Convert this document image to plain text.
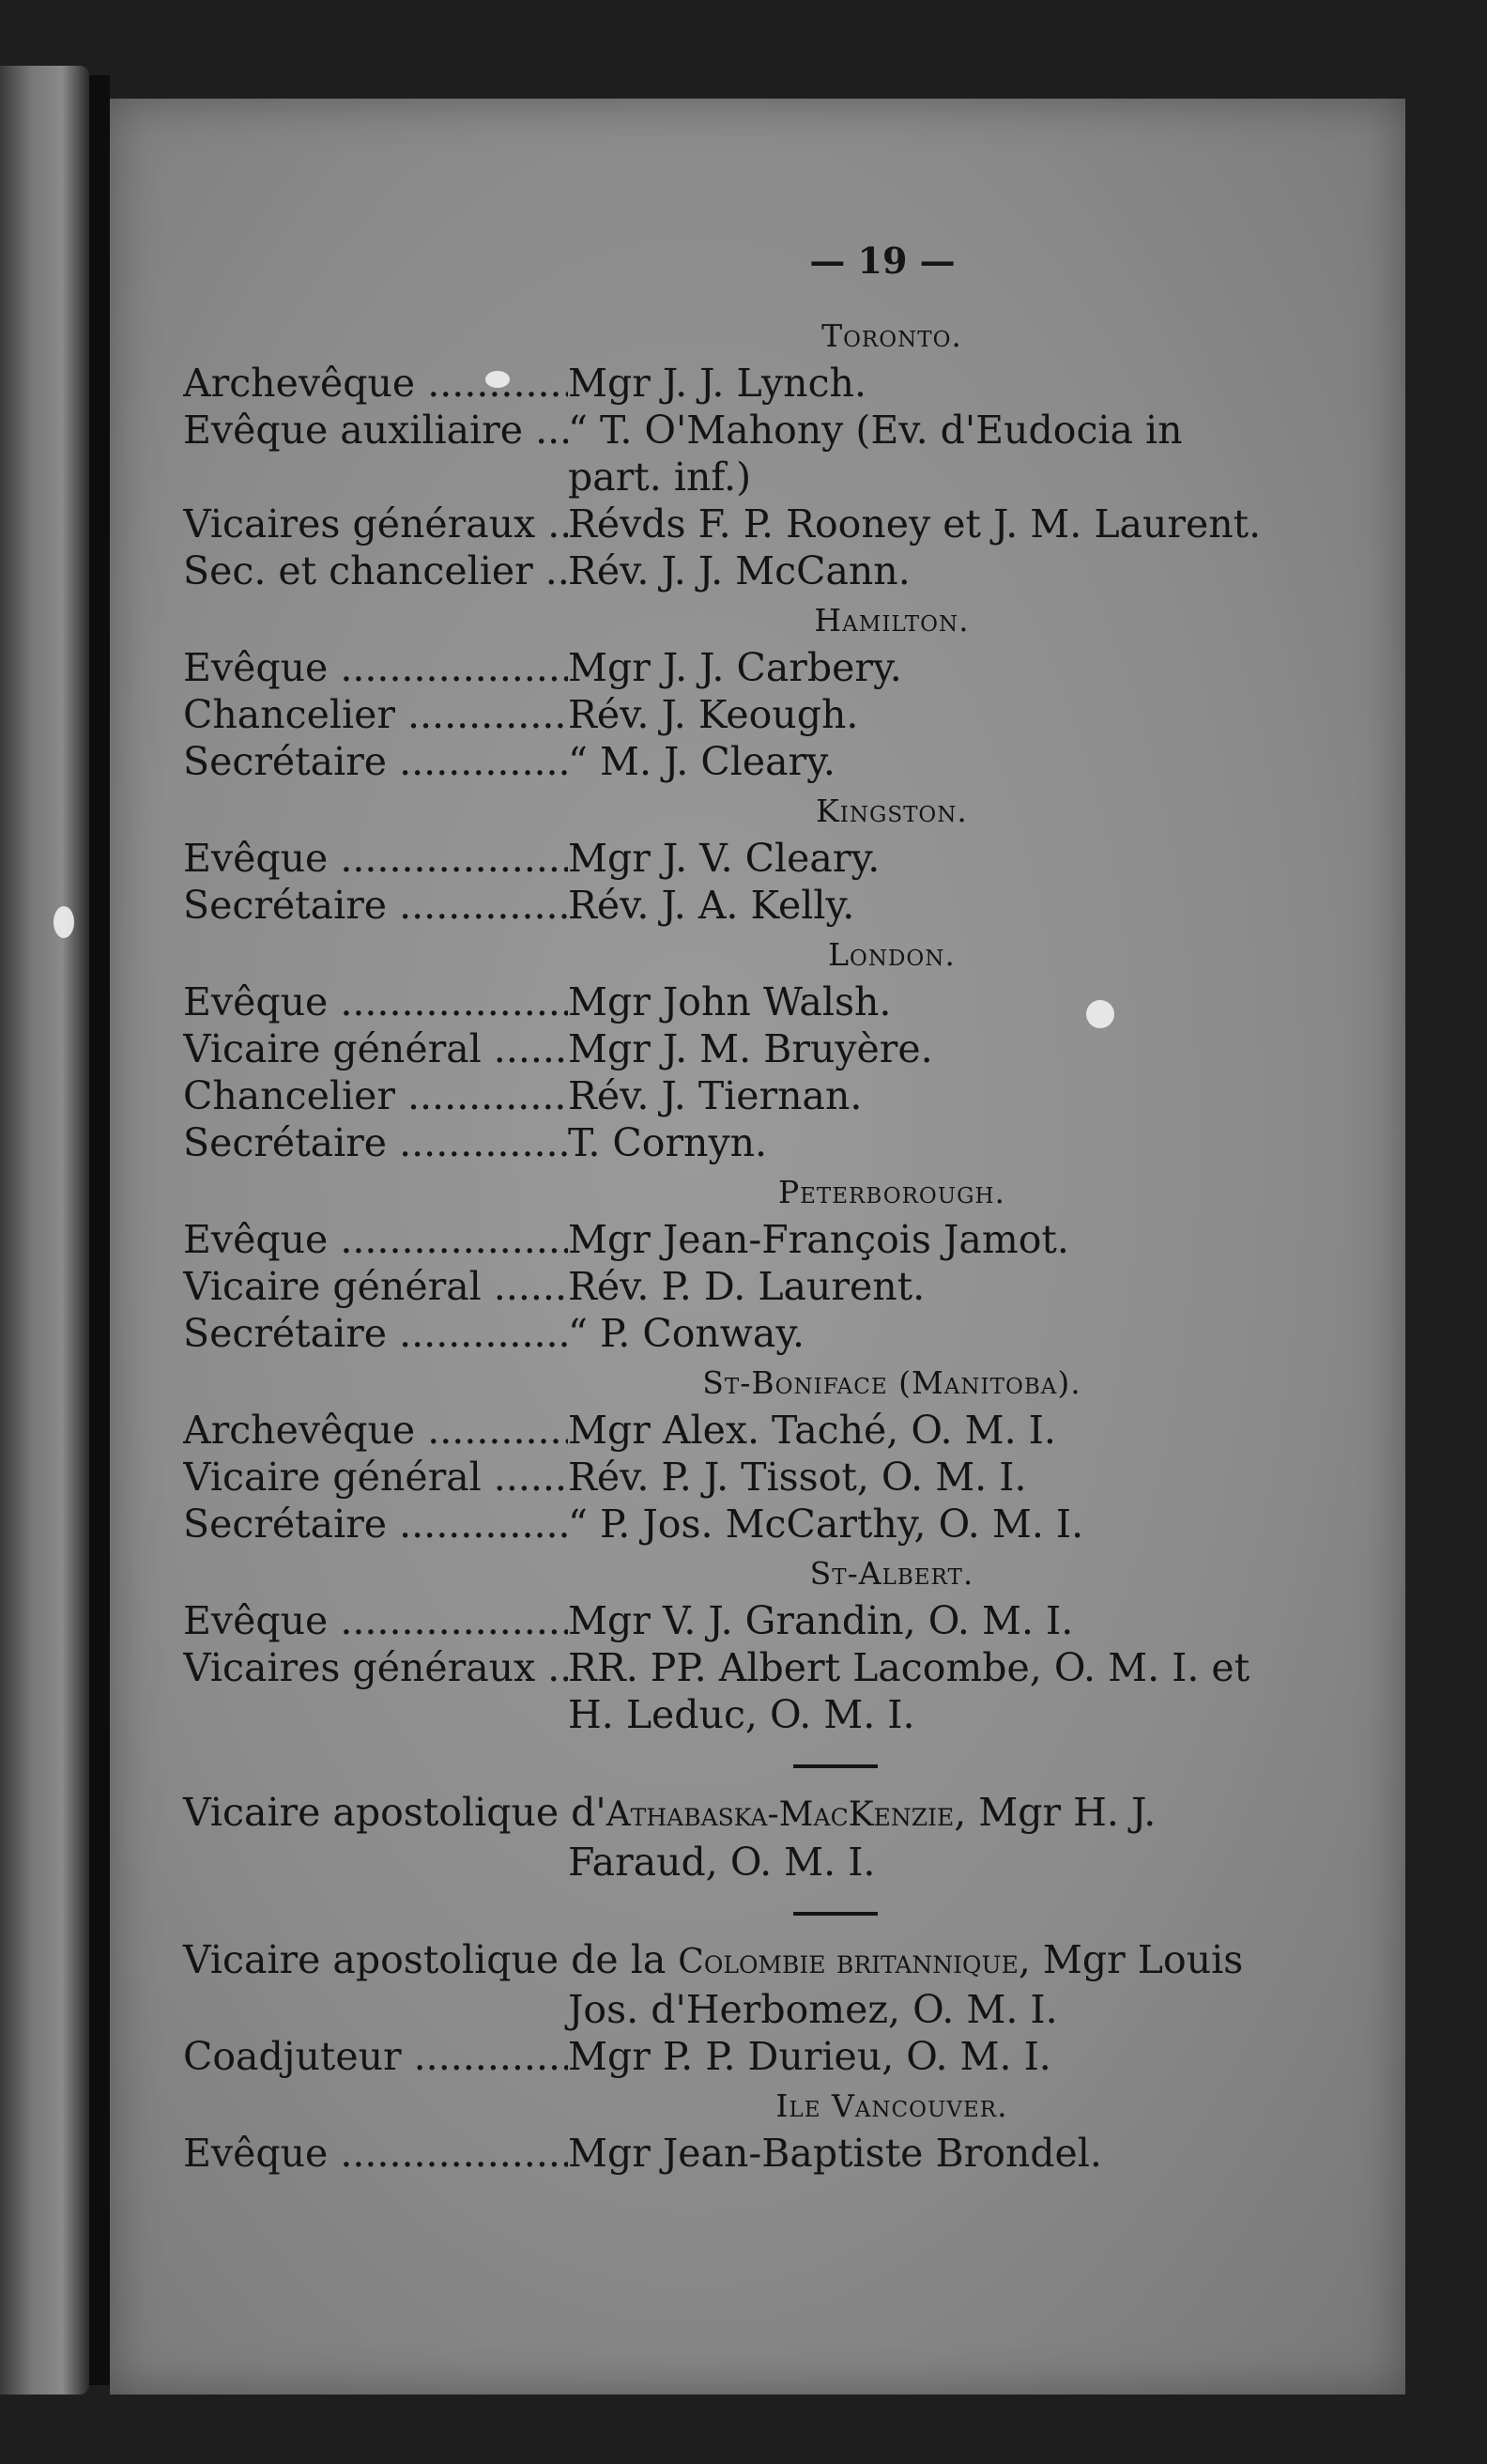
— 19 —
Toronto.
Archevêque .....	Mgr J. J. Lynch.
Evêque auxiliaire .....	“ T. O'Mahony (Ev. d'Eudocia in
part. inf.)
Vicaires généraux ..... Révds F. P. Rooney et J. M. Laurent.
Sec. et chancelier ..... Rév. J. J. McCann.
Hamilton.
Evêque .....	Mgr J. J. Carbery.
Chancelier .....	Rév. J. Keough.
Secrétaire .....	“ M. J. Cleary.
Kingston.
Evêque .....	Mgr J. V. Cleary.
Secrétaire .....	Rév. J. A. Kelly.
London.
Evêque .....	Mgr John Walsh.
Vicaire général .....	Mgr J. M. Bruyère.
Chancelier .....	Rév. J. Tiernan.
Secrétaire .....	T. Cornyn.
Peterborough.
Evêque .....	Mgr Jean-François Jamot.
Vicaire général .....	Rév. P. D. Laurent.
Secrétaire .....	“ P. Conway.
St-Boniface (Manitoba).
Archevêque .....	Mgr Alex. Taché, O. M. I.
Vicaire général .....	Rév. P. J. Tissot, O. M. I.
Secrétaire .....	“ P. Jos. McCarthy, O. M. I.
St-Albert.
Evêque .....	Mgr V. J. Grandin, O. M. I.
Vicaires généraux ..... RR. PP. Albert Lacombe, O. M. I. et
H. Leduc, O. M. I.
Vicaire apostolique d'Athabaska-MacKenzie, Mgr H. J.
Faraud, O. M. I.
Vicaire apostolique de la Colombie britannique, Mgr Louis
Jos. d'Herbomez, O. M. I.
Coadjuteur .....	Mgr P. P. Durieu, O. M. I.
Ile Vancouver.
Evêque .....	Mgr Jean-Baptiste Brondel.
